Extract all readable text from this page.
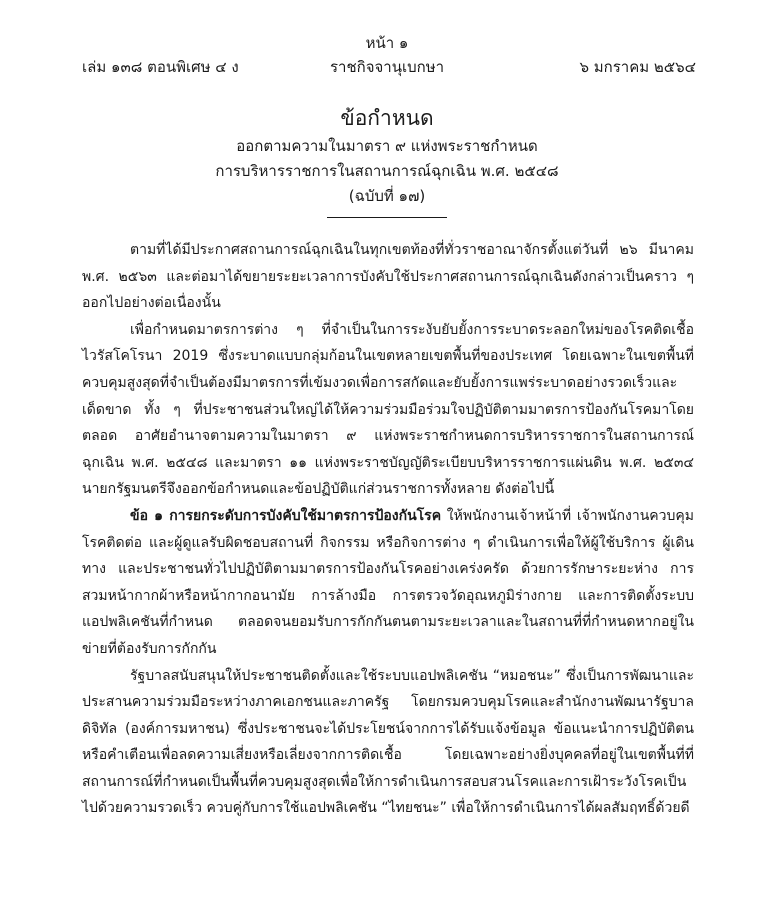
หน้า ๑
เล่ม ๑๓๘ ตอนพิเศษ ๔ ง	ราชกิจจานุเบกษา	๖ มกราคม ๒๕๖๔
ข้อกำหนด
ออกตามความในมาตรา ๙ แห่งพระราชกำหนด
การบริหารราชการในสถานการณ์ฉุกเฉิน พ.ศ. ๒๕๔๘
(ฉบับที่ ๑๗)

ตามที่ได้มีประกาศสถานการณ์ฉุกเฉินในทุกเขตท้องที่ทั่วราชอาณาจักรตั้งแต่วันที่ ๒๖ มีนาคม พ.ศ. ๒๕๖๓ และต่อมาได้ขยายระยะเวลาการบังคับใช้ประกาศสถานการณ์ฉุกเฉินดังกล่าวเป็นคราว ๆ ออกไปอย่างต่อเนื่องนั้น

เพื่อกำหนดมาตรการต่าง ๆ ที่จำเป็นในการระงับยับยั้งการระบาดระลอกใหม่ของโรคติดเชื้อไวรัสโคโรนา 2019 ซึ่งระบาดแบบกลุ่มก้อนในเขตหลายเขตพื้นที่ของประเทศ โดยเฉพาะในเขตพื้นที่ควบคุมสูงสุดที่จำเป็นต้องมีมาตรการที่เข้มงวดเพื่อการสกัดและยับยั้งการแพร่ระบาดอย่างรวดเร็วและเด็ดขาด ทั้ง ๆ ที่ประชาชนส่วนใหญ่ได้ให้ความร่วมมือร่วมใจปฏิบัติตามมาตรการป้องกันโรคมาโดยตลอด อาศัยอำนาจตามความในมาตรา ๙ แห่งพระราชกำหนดการบริหารราชการในสถานการณ์ฉุกเฉิน พ.ศ. ๒๕๔๘ และมาตรา ๑๑ แห่งพระราชบัญญัติระเบียบบริหารราชการแผ่นดิน พ.ศ. ๒๕๓๔ นายกรัฐมนตรีจึงออกข้อกำหนดและข้อปฏิบัติแก่ส่วนราชการทั้งหลาย ดังต่อไปนี้

ข้อ ๑ การยกระดับการบังคับใช้มาตรการป้องกันโรค ให้พนักงานเจ้าหน้าที่ เจ้าพนักงานควบคุมโรคติดต่อ และผู้ดูแลรับผิดชอบสถานที่ กิจกรรม หรือกิจการต่าง ๆ ดำเนินการเพื่อให้ผู้ใช้บริการ ผู้เดินทาง และประชาชนทั่วไปปฏิบัติตามมาตรการป้องกันโรคอย่างเคร่งครัด ด้วยการรักษาระยะห่าง การสวมหน้ากากผ้าหรือหน้ากากอนามัย การล้างมือ การตรวจวัดอุณหภูมิร่างกาย และการติดตั้งระบบแอปพลิเคชันที่กำหนด ตลอดจนยอมรับการกักกันตนตามระยะเวลาและในสถานที่ที่กำหนดหากอยู่ในข่ายที่ต้องรับการกักกัน

รัฐบาลสนับสนุนให้ประชาชนติดตั้งและใช้ระบบแอปพลิเคชัน “หมอชนะ” ซึ่งเป็นการพัฒนาและประสานความร่วมมือระหว่างภาคเอกชนและภาครัฐ โดยกรมควบคุมโรคและสำนักงานพัฒนารัฐบาลดิจิทัล (องค์การมหาชน) ซึ่งประชาชนจะได้ประโยชน์จากการได้รับแจ้งข้อมูล ข้อแนะนำการปฏิบัติตนหรือคำเตือนเพื่อลดความเสี่ยงหรือเลี่ยงจากการติดเชื้อ โดยเฉพาะอย่างยิ่งบุคคลที่อยู่ในเขตพื้นที่ที่สถานการณ์ที่กำหนดเป็นพื้นที่ควบคุมสูงสุดเพื่อให้การดำเนินการสอบสวนโรคและการเฝ้าระวังโรคเป็นไปด้วยความรวดเร็ว ควบคู่กับการใช้แอปพลิเคชัน “ไทยชนะ” เพื่อให้การดำเนินการได้ผลสัมฤทธิ์ด้วยดี
